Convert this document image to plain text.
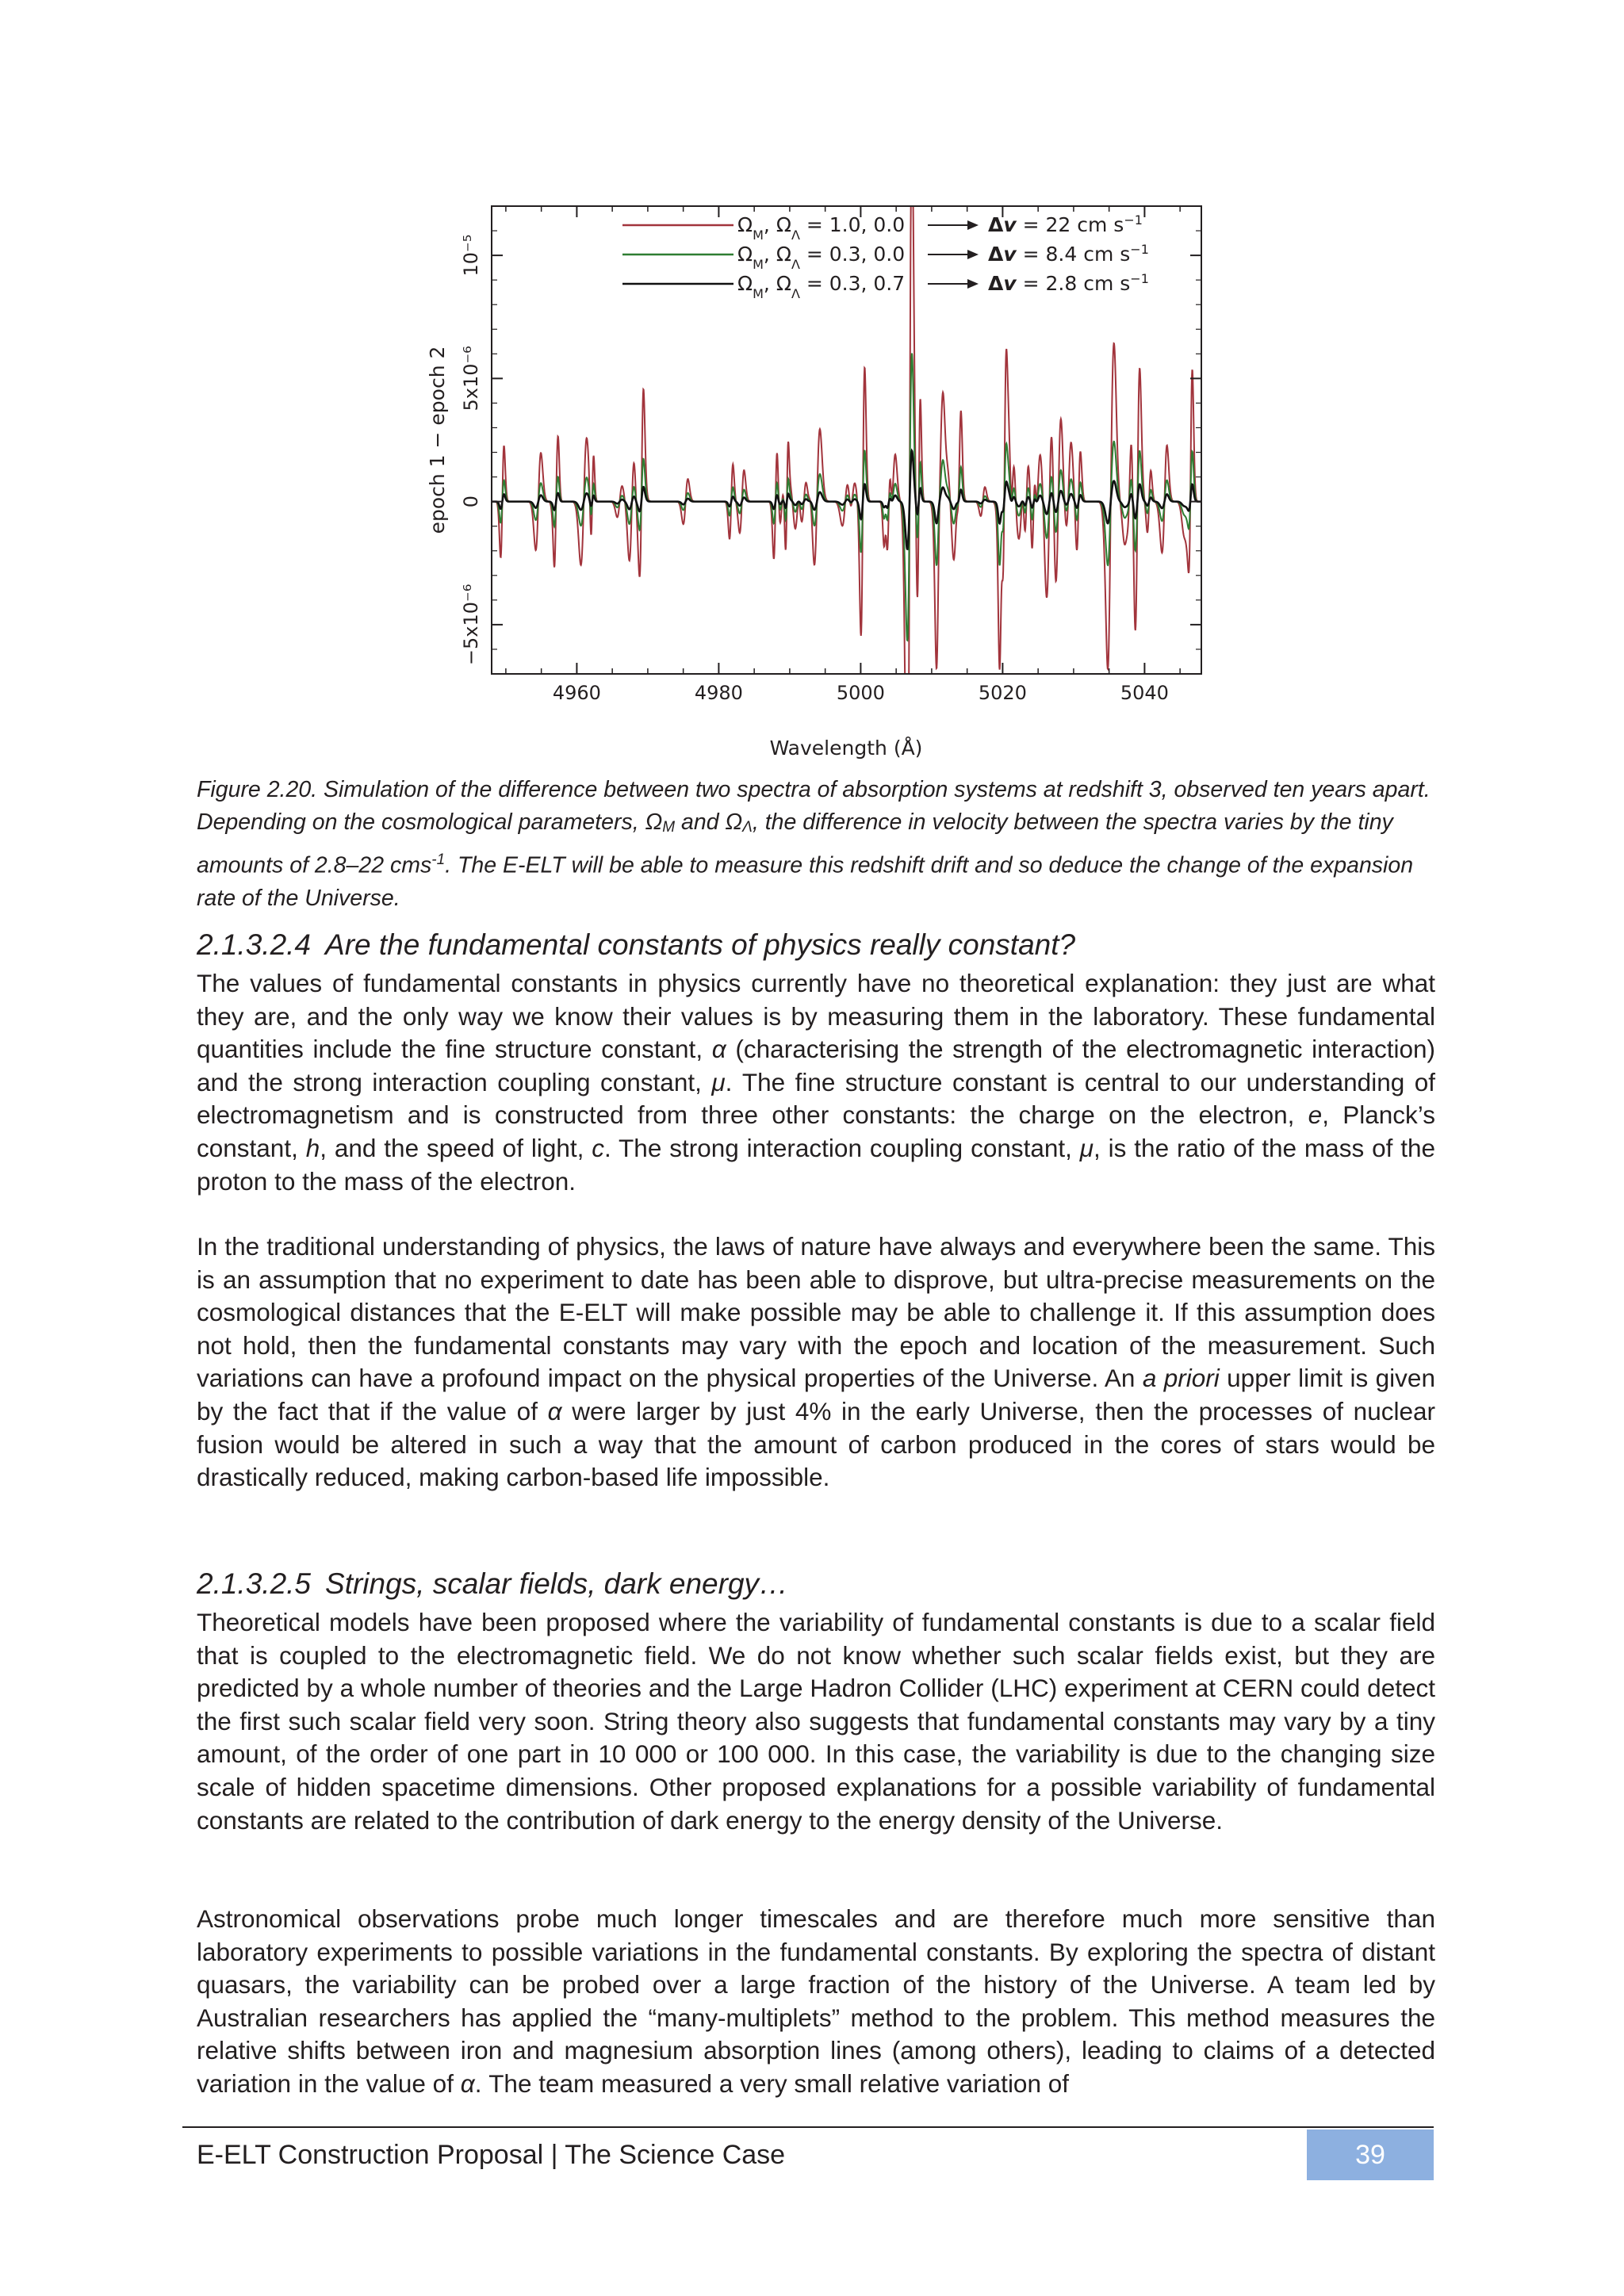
4960	4980	5000	5020	5040
−5x10⁻⁶
0
5x10⁻⁶
10⁻⁵
$\Omega_M$, $\Omega_\Lambda = 1.0$, 0.0	Δv = 22 cm $s^{-1}$
$\Omega_M$, $\Omega_\Lambda = 0.3$, 0.0	Δv = 8.4 cm $s^{-1}$
$\Omega_M$, $\Omega_\Lambda = 0.3$, 0.7	Δv = 2.8 cm $s^{-1}$
Wavelength (Å)
epoch 1 − epoch 2
Figure 2.20. Simulation of the difference between two spectra of absorption systems at redshift 3, observed ten years apart. Depending on the cosmological parameters, $\Omega_M$ and $\Omega_\Lambda$, the difference in velocity between the spectra varies by the tiny amounts of 2.8–22 cms$^{-1}$. The E-ELT will be able to measure this redshift drift and so deduce the change of the expansion rate of the Universe.
2.1.3.2.4 Are the fundamental constants of physics really constant?

The values of fundamental constants in physics currently have no theoretical explanation: they just are what they are, and the only way we know their values is by measuring them in the laboratory. These fundamental quantities include the fine structure constant, α (characterising the strength of the electromagnetic interaction) and the strong interaction coupling constant, μ. The fine structure constant is central to our understanding of electromagnetism and is constructed from three other constants: the charge on the electron, e, Planck’s constant, h, and the speed of light, c. The strong interaction coupling constant, μ, is the ratio of the mass of the proton to the mass of the electron.

In the traditional understanding of physics, the laws of nature have always and everywhere been the same. This is an assumption that no experiment to date has been able to disprove, but ultra-precise measurements on the cosmological distances that the E-ELT will make possible may be able to challenge it. If this assumption does not hold, then the fundamental constants may vary with the epoch and location of the measurement. Such variations can have a profound impact on the physical properties of the Universe. An a priori upper limit is given by the fact that if the value of α were larger by just 4% in the early Universe, then the processes of nuclear fusion would be altered in such a way that the amount of carbon produced in the cores of stars would be drastically reduced, making carbon-based life impossible.

2.1.3.2.5 Strings, scalar fields, dark energy…

Theoretical models have been proposed where the variability of fundamental constants is due to a scalar field that is coupled to the electromagnetic field. We do not know whether such scalar fields exist, but they are predicted by a whole number of theories and the Large Hadron Collider (LHC) experiment at CERN could detect the first such scalar field very soon. String theory also suggests that fundamental constants may vary by a tiny amount, of the order of one part in 10 000 or 100 000. In this case, the variability is due to the changing size scale of hidden spacetime dimensions. Other proposed explanations for a possible variability of fundamental constants are related to the contribution of dark energy to the energy density of the Universe.

Astronomical observations probe much longer timescales and are therefore much more sensitive than laboratory experiments to possible variations in the fundamental constants. By exploring the spectra of distant quasars, the variability can be probed over a large fraction of the history of the Universe. A team led by Australian researchers has applied the “many-multiplets” method to the problem. This method measures the relative shifts between iron and magnesium absorption lines (among others), leading to claims of a detected variation in the value of α. The team measured a very small relative variation of

E-ELT Construction Proposal | The Science Case	39
